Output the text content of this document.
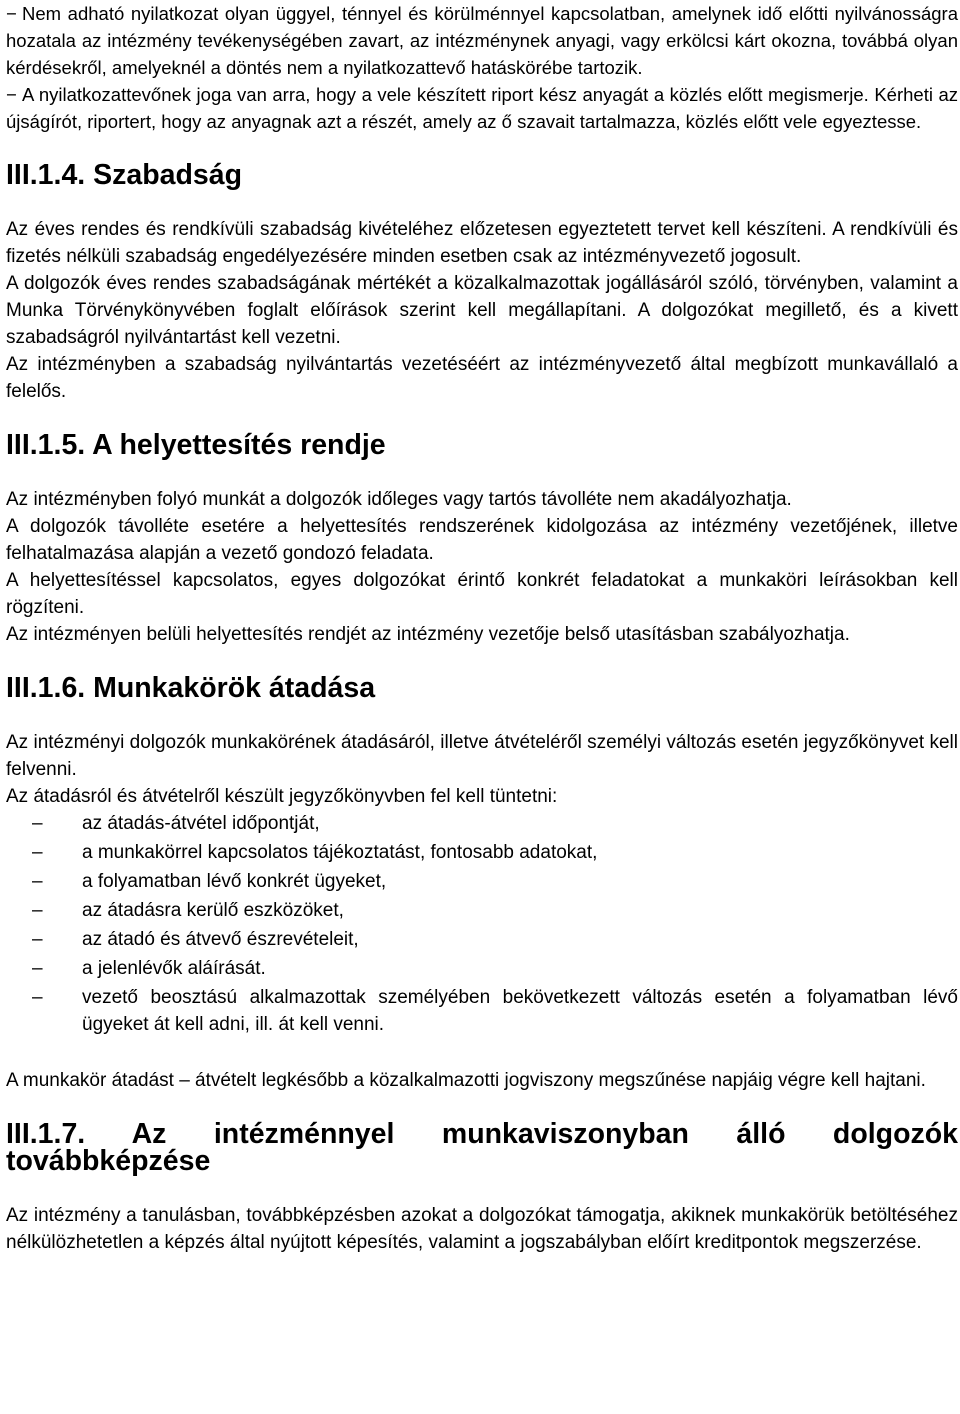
− Nem adható nyilatkozat olyan üggyel, ténnyel és körülménnyel kapcsolatban, amelynek idő előtti nyilvánosságra hozatala az intézmény tevékenységében zavart, az intézménynek anyagi, vagy erkölcsi kárt okozna, továbbá olyan kérdésekről, amelyeknél a döntés nem a nyilatkozattevő hatáskörébe tartozik.

− A nyilatkozattevőnek joga van arra, hogy a vele készített riport kész anyagát a közlés előtt megismerje. Kérheti az újságírót, riportert, hogy az anyagnak azt a részét, amely az ő szavait tartalmazza, közlés előtt vele egyeztesse.

III.1.4. Szabadság

Az éves rendes és rendkívüli szabadság kivételéhez előzetesen egyeztetett tervet kell készíteni. A rendkívüli és fizetés nélküli szabadság engedélyezésére minden esetben csak az intézményvezető jogosult.

A dolgozók éves rendes szabadságának mértékét a közalkalmazottak jogállásáról szóló, törvényben, valamint a Munka Törvénykönyvében foglalt előírások szerint kell megállapítani. A dolgozókat megillető, és a kivett szabadságról nyilvántartást kell vezetni.

Az intézményben a szabadság nyilvántartás vezetéséért az intézményvezető által megbízott munkavállaló a felelős.

III.1.5. A helyettesítés rendje

Az intézményben folyó munkát a dolgozók időleges vagy tartós távolléte nem akadályozhatja.

A dolgozók távolléte esetére a helyettesítés rendszerének kidolgozása az intézmény vezetőjének, illetve felhatalmazása alapján a vezető gondozó feladata.

A helyettesítéssel kapcsolatos, egyes dolgozókat érintő konkrét feladatokat a munkaköri leírásokban kell rögzíteni.

Az intézményen belüli helyettesítés rendjét az intézmény vezetője belső utasításban szabályozhatja.

III.1.6. Munkakörök átadása

Az intézményi dolgozók munkakörének átadásáról, illetve átvételéről személyi változás esetén jegyzőkönyvet kell felvenni.

Az átadásról és átvételről készült jegyzőkönyvben fel kell tüntetni:

– az átadás-átvétel időpontját,
– a munkakörrel kapcsolatos tájékoztatást, fontosabb adatokat,
– a folyamatban lévő konkrét ügyeket,
– az átadásra kerülő eszközöket,
– az átadó és átvevő észrevételeit,
– a jelenlévők aláírását.
– vezető beosztású alkalmazottak személyében bekövetkezett változás esetén a folyamatban lévő ügyeket át kell adni, ill. át kell venni.

A munkakör átadást – átvételt legkésőbb a közalkalmazotti jogviszony megszűnése napjáig végre kell hajtani.

III.1.7. Az intézménnyel munkaviszonyban álló dolgozók továbbképzése

Az intézmény a tanulásban, továbbképzésben azokat a dolgozókat támogatja, akiknek munkakörük betöltéséhez nélkülözhetetlen a képzés által nyújtott képesítés, valamint a jogszabályban előírt kreditpontok megszerzése.
